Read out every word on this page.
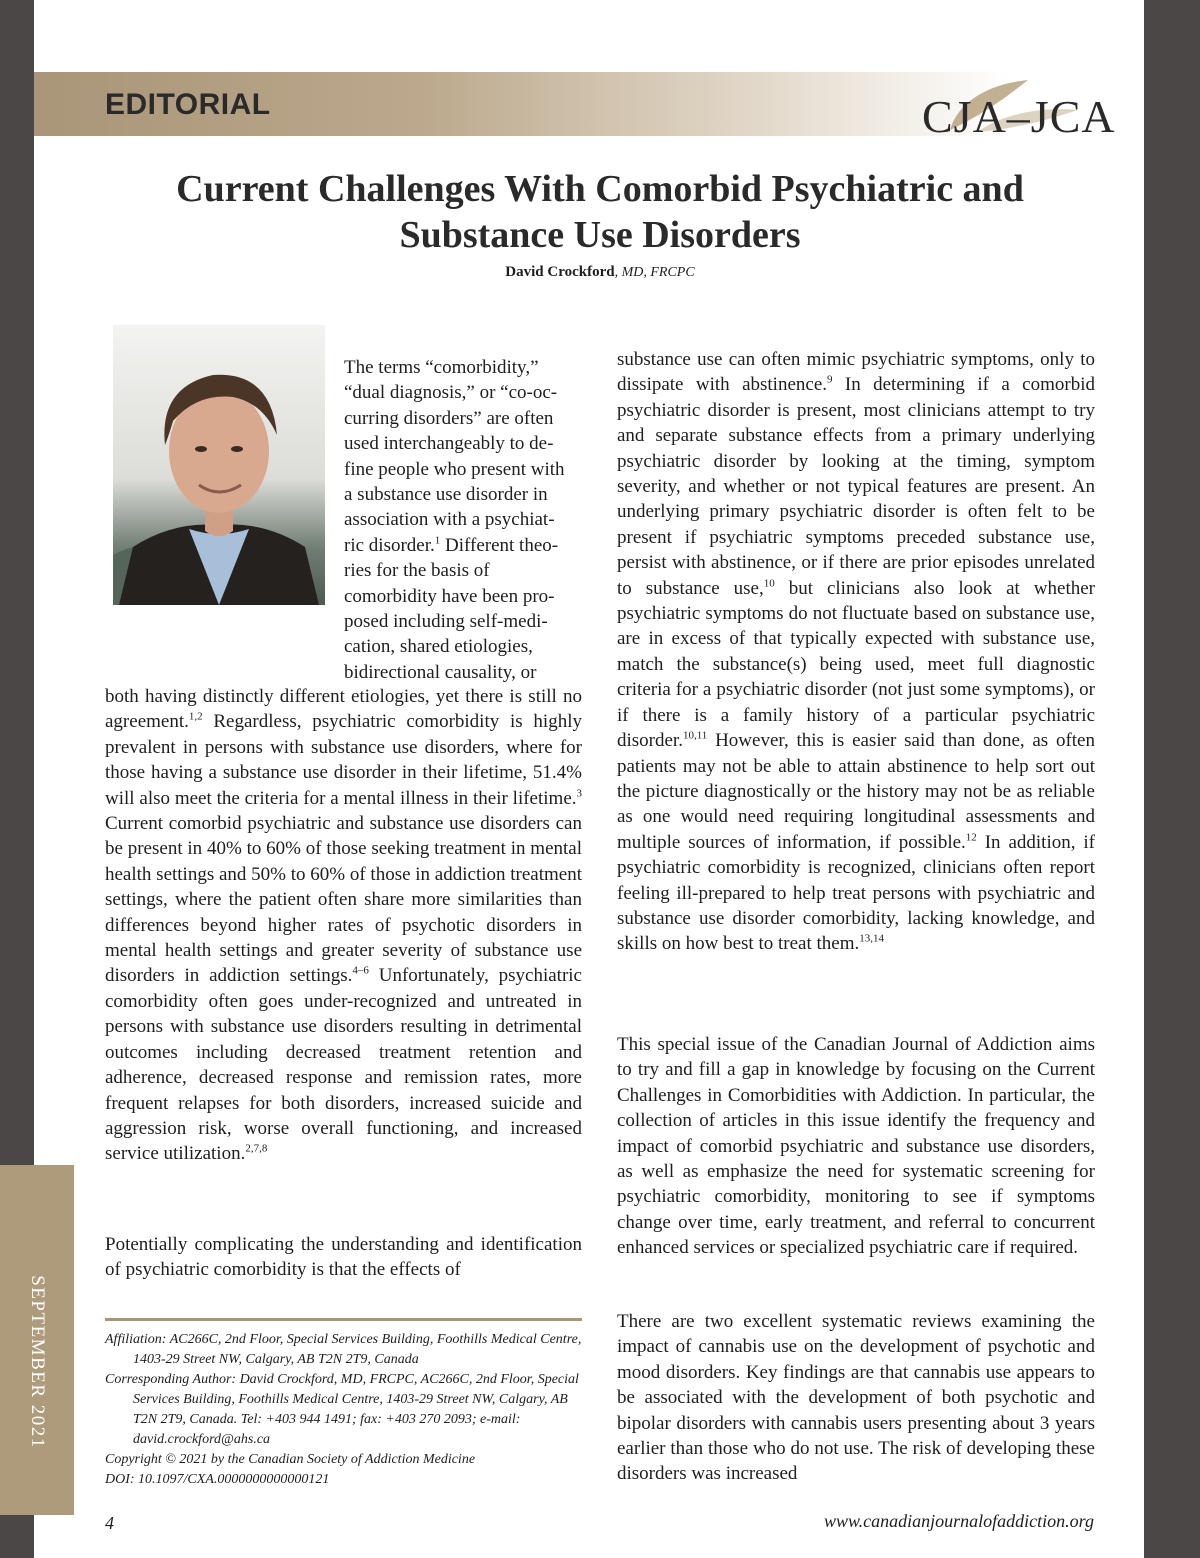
EDITORIAL	CJA–JCA
Current Challenges With Comorbid Psychiatric and
Substance Use Disorders
David Crockford, MD, FRCPC
The terms “comorbidity,”
“dual diagnosis,” or “co-oc-
curring disorders” are often
used interchangeably to de-
fine people who present with
a substance use disorder in
association with a psychiat-
ric disorder.$^1$ Different theo-
ries for the basis of
comorbidity have been pro-
posed including self-medi-
cation, shared etiologies,
bidirectional causality, or

both having distinctly different etiologies, yet there is still no agreement.$^{1,2}$ Regardless, psychiatric comorbidity is highly prevalent in persons with substance use disorders, where for those having a substance use disorder in their lifetime, 51.4% will also meet the criteria for a mental illness in their lifetime.$^3$ Current comorbid psychiatric and substance use disorders can be present in 40% to 60% of those seeking treatment in mental health settings and 50% to 60% of those in addiction treatment settings, where the patient often share more similarities than differences beyond higher rates of psychotic disorders in mental health settings and greater severity of substance use disorders in addiction settings.$^{4-6}$ Unfortunately, psychiatric comorbidity often goes under-recognized and untreated in persons with substance use disorders resulting in detrimental outcomes including decreased treatment retention and adherence, decreased response and remission rates, more frequent relapses for both disorders, increased suicide and aggression risk, worse overall functioning, and increased service utilization.$^{2,7,8}$

Potentially complicating the understanding and identification of psychiatric comorbidity is that the effects of

substance use can often mimic psychiatric symptoms, only to dissipate with abstinence.$^9$ In determining if a comorbid psychiatric disorder is present, most clinicians attempt to try and separate substance effects from a primary underlying psychiatric disorder by looking at the timing, symptom severity, and whether or not typical features are present. An underlying primary psychiatric disorder is often felt to be present if psychiatric symptoms preceded substance use, persist with abstinence, or if there are prior episodes unrelated to substance use,$^{10}$ but clinicians also look at whether psychiatric symptoms do not fluctuate based on substance use, are in excess of that typically expected with substance use, match the substance(s) being used, meet full diagnostic criteria for a psychiatric disorder (not just some symptoms), or if there is a family history of a particular psychiatric disorder.$^{10,11}$ However, this is easier said than done, as often patients may not be able to attain abstinence to help sort out the picture diagnostically or the history may not be as reliable as one would need requiring longitudinal assessments and multiple sources of information, if possible.$^{12}$ In addition, if psychiatric comorbidity is recognized, clinicians often report feeling ill-prepared to help treat persons with psychiatric and substance use disorder comorbidity, lacking knowledge, and skills on how best to treat them.$^{13,14}$

This special issue of the Canadian Journal of Addiction aims to try and fill a gap in knowledge by focusing on the Current Challenges in Comorbidities with Addiction. In particular, the collection of articles in this issue identify the frequency and impact of comorbid psychiatric and substance use disorders, as well as emphasize the need for systematic screening for psychiatric comorbidity, monitoring to see if symptoms change over time, early treatment, and referral to concurrent enhanced services or specialized psychiatric care if required.

There are two excellent systematic reviews examining the impact of cannabis use on the development of psychotic and mood disorders. Key findings are that cannabis use appears to be associated with the development of both psychotic and bipolar disorders with cannabis users presenting about 3 years earlier than those who do not use. The risk of developing these disorders was increased

Affiliation: AC266C, 2nd Floor, Special Services Building, Foothills Medical Centre, 1403-29 Street NW, Calgary, AB T2N 2T9, Canada
Corresponding Author: David Crockford, MD, FRCPC, AC266C, 2nd Floor, Special Services Building, Foothills Medical Centre, 1403-29 Street NW, Calgary, AB T2N 2T9, Canada. Tel: +403 944 1491; fax: +403 270 2093; e-mail: david.crockford@ahs.ca
Copyright © 2021 by the Canadian Society of Addiction Medicine
DOI: 10.1097/CXA.0000000000000121
SEPTEMBER 2021
4	www.canadianjournalofaddiction.org
